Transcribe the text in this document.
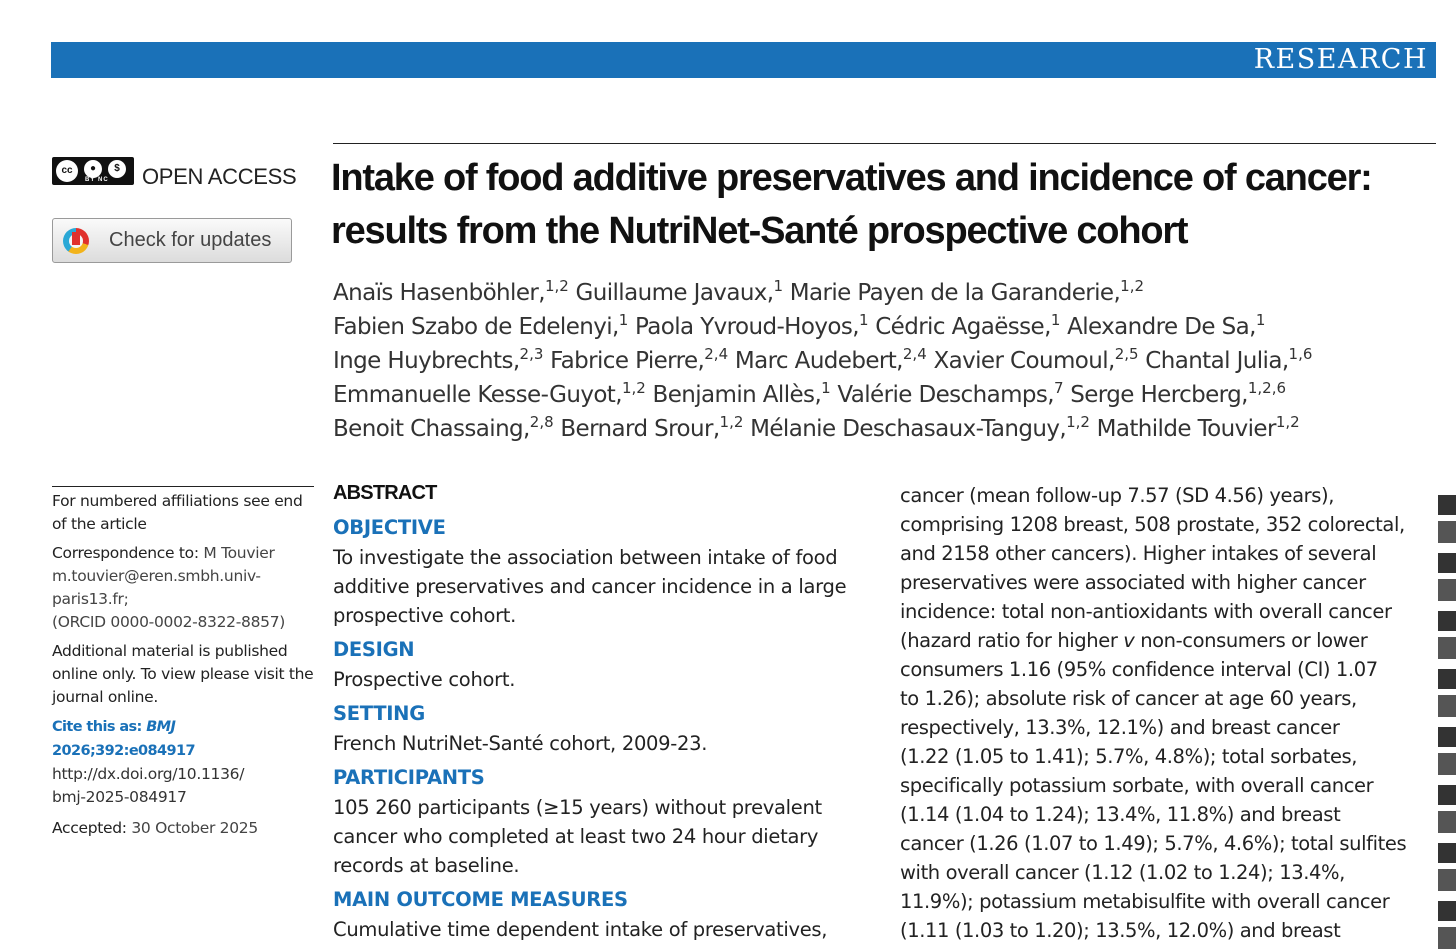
RESEARCH
cc	●	$
BY NC OPEN ACCESS
Check for updates
Intake of food additive preservatives and incidence of cancer: results from the NutriNet-Santé prospective cohort
Anaïs Hasenböhler,$^{1,2}$ Guillaume Javaux,$^1$ Marie Payen de la Garanderie,$^{1,2}$
Fabien Szabo de Edelenyi,$^1$ Paola Yvroud-Hoyos,$^1$ Cédric Agaësse,$^1$ Alexandre De Sa,$^1$
Inge Huybrechts,$^{2,3}$ Fabrice Pierre,$^{2,4}$ Marc Audebert,$^{2,4}$ Xavier Coumoul,$^{2,5}$ Chantal Julia,$^{1,6}$
Emmanuelle Kesse-Guyot,$^{1,2}$ Benjamin Allès,$^1$ Valérie Deschamps,$^7$ Serge Hercberg,$^{1,2,6}$
Benoit Chassaing,$^{2,8}$ Bernard Srour,$^{1,2}$ Mélanie Deschasaux-Tanguy,$^{1,2}$ Mathilde Touvier$^{1,2}$
For numbered affiliations see end of the article
Correspondence to: M Touvier
m.touvier@eren.smbh.univ-paris13.fr;
(ORCID 0000-0002-8322-8857)
Additional material is published online only. To view please visit the journal online.
Cite this as: BMJ 2026;392:e084917
http://dx.doi.org/10.1136/
bmj-2025-084917
Accepted: 30 October 2025
ABSTRACT
OBJECTIVE
To investigate the association between intake of food additive preservatives and cancer incidence in a large prospective cohort.
DESIGN
Prospective cohort.
SETTING
French NutriNet-Santé cohort, 2009-23.
PARTICIPANTS
105 260 participants (≥15 years) without prevalent cancer who completed at least two 24 hour dietary records at baseline.
MAIN OUTCOME MEASURES
Cumulative time dependent intake of preservatives,
cancer (mean follow-up 7.57 (SD 4.56) years),
comprising 1208 breast, 508 prostate, 352 colorectal,
and 2158 other cancers). Higher intakes of several
preservatives were associated with higher cancer
incidence: total non-antioxidants with overall cancer
(hazard ratio for higher v non-consumers or lower
consumers 1.16 (95% confidence interval (CI) 1.07
to 1.26); absolute risk of cancer at age 60 years,
respectively, 13.3%, 12.1%) and breast cancer
(1.22 (1.05 to 1.41); 5.7%, 4.8%); total sorbates,
specifically potassium sorbate, with overall cancer
(1.14 (1.04 to 1.24); 13.4%, 11.8%) and breast
cancer (1.26 (1.07 to 1.49); 5.7%, 4.6%); total sulfites
with overall cancer (1.12 (1.02 to 1.24); 13.4%,
11.9%); potassium metabisulfite with overall cancer
(1.11 (1.03 to 1.20); 13.5%, 12.0%) and breast
